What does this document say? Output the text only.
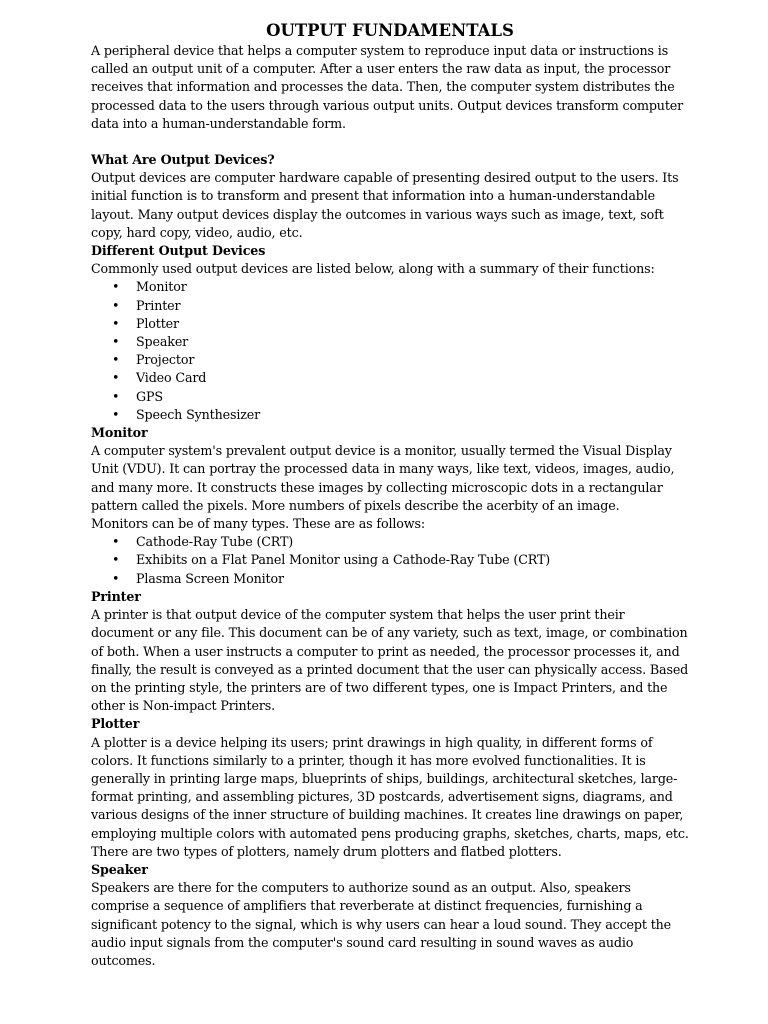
OUTPUT FUNDAMENTALS

A peripheral device that helps a computer system to reproduce input data or instructions is called an output unit of a computer. After a user enters the raw data as input, the processor receives that information and processes the data. Then, the computer system distributes the processed data to the users through various output units. Output devices transform computer data into a human-understandable form.

What Are Output Devices?

Output devices are computer hardware capable of presenting desired output to the users. Its initial function is to transform and present that information into a human-understandable layout. Many output devices display the outcomes in various ways such as image, text, soft copy, hard copy, video, audio, etc.

Different Output Devices

Commonly used output devices are listed below, along with a summary of their functions:

• Monitor
• Printer
• Plotter
• Speaker
• Projector
• Video Card
• GPS
• Speech Synthesizer
Monitor

A computer system's prevalent output device is a monitor, usually termed the Visual Display Unit (VDU). It can portray the processed data in many ways, like text, videos, images, audio, and many more. It constructs these images by collecting microscopic dots in a rectangular pattern called the pixels. More numbers of pixels describe the acerbity of an image.

Monitors can be of many types. These are as follows:

• Cathode-Ray Tube (CRT)
• Exhibits on a Flat Panel Monitor using a Cathode-Ray Tube (CRT)
• Plasma Screen Monitor
Printer

A printer is that output device of the computer system that helps the user print their document or any file. This document can be of any variety, such as text, image, or combination of both. When a user instructs a computer to print as needed, the processor processes it, and finally, the result is conveyed as a printed document that the user can physically access. Based on the printing style, the printers are of two different types, one is Impact Printers, and the other is Non-impact Printers.

Plotter

A plotter is a device helping its users; print drawings in high quality, in different forms of colors. It functions similarly to a printer, though it has more evolved functionalities. It is generally in printing large maps, blueprints of ships, buildings, architectural sketches, large-format printing, and assembling pictures, 3D postcards, advertisement signs, diagrams, and various designs of the inner structure of building machines. It creates line drawings on paper, employing multiple colors with automated pens producing graphs, sketches, charts, maps, etc. There are two types of plotters, namely drum plotters and flatbed plotters.

Speaker

Speakers are there for the computers to authorize sound as an output. Also, speakers comprise a sequence of amplifiers that reverberate at distinct frequencies, furnishing a significant potency to the signal, which is why users can hear a loud sound. They accept the audio input signals from the computer's sound card resulting in sound waves as audio outcomes.
